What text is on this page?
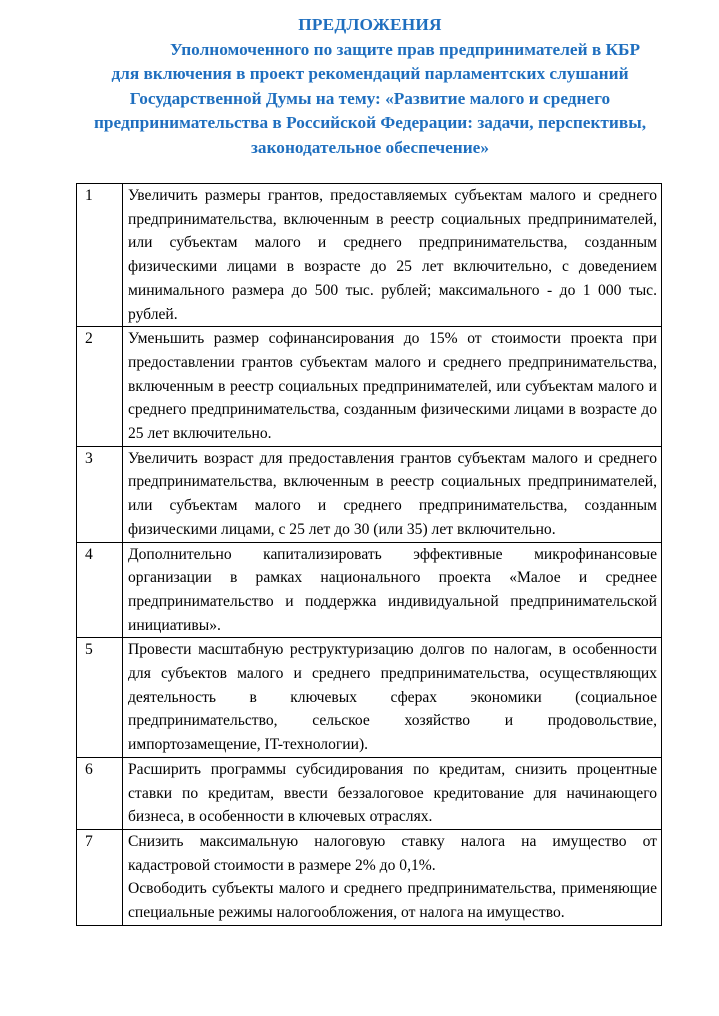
ПРЕДЛОЖЕНИЯ
Уполномоченного по защите прав предпринимателей в КБР
для включения в проект рекомендаций парламентских слушаний
Государственной Думы на тему: «Развитие малого и среднего
предпринимательства в Российской Федерации: задачи, перспективы,
законодательное обеспечение»
1	Увеличить размеры грантов, предоставляемых субъектам малого и среднего предпринимательства, включенным в реестр социальных предпринимателей, или субъектам малого и среднего предпринимательства, созданным физическими лицами в возрасте до 25 лет включительно, с доведением минимального размера до 500 тыс. рублей; максимального - до 1 000 тыс. рублей.

2	Уменьшить размер софинансирования до 15% от стоимости проекта при предоставлении грантов субъектам малого и среднего предпринимательства, включенным в реестр социальных предпринимателей, или субъектам малого и среднего предпринимательства, созданным физическими лицами в возрасте до 25 лет включительно.

3	Увеличить возраст для предоставления грантов субъектам малого и среднего предпринимательства, включенным в реестр социальных предпринимателей, или субъектам малого и среднего предпринимательства, созданным физическими лицами, с 25 лет до 30 (или 35) лет включительно.

4	Дополнительно капитализировать эффективные микрофинансовые организации в рамках национального проекта «Малое и среднее предпринимательство и поддержка индивидуальной предпринимательской инициативы».

5	Провести масштабную реструктуризацию долгов по налогам, в особенности для субъектов малого и среднего предпринимательства, осуществляющих деятельность в ключевых сферах экономики (социальное предпринимательство, сельское хозяйство и продовольствие, импортозамещение, IT-технологии).

6	Расширить программы субсидирования по кредитам, снизить процентные ставки по кредитам, ввести беззалоговое кредитование для начинающего бизнеса, в особенности в ключевых отраслях.

7	Снизить максимальную налоговую ставку налога на имущество от кадастровой стоимости в размере 2% до 0,1%.
Освободить субъекты малого и среднего предпринимательства, применяющие специальные режимы налогообложения, от налога на имущество.
